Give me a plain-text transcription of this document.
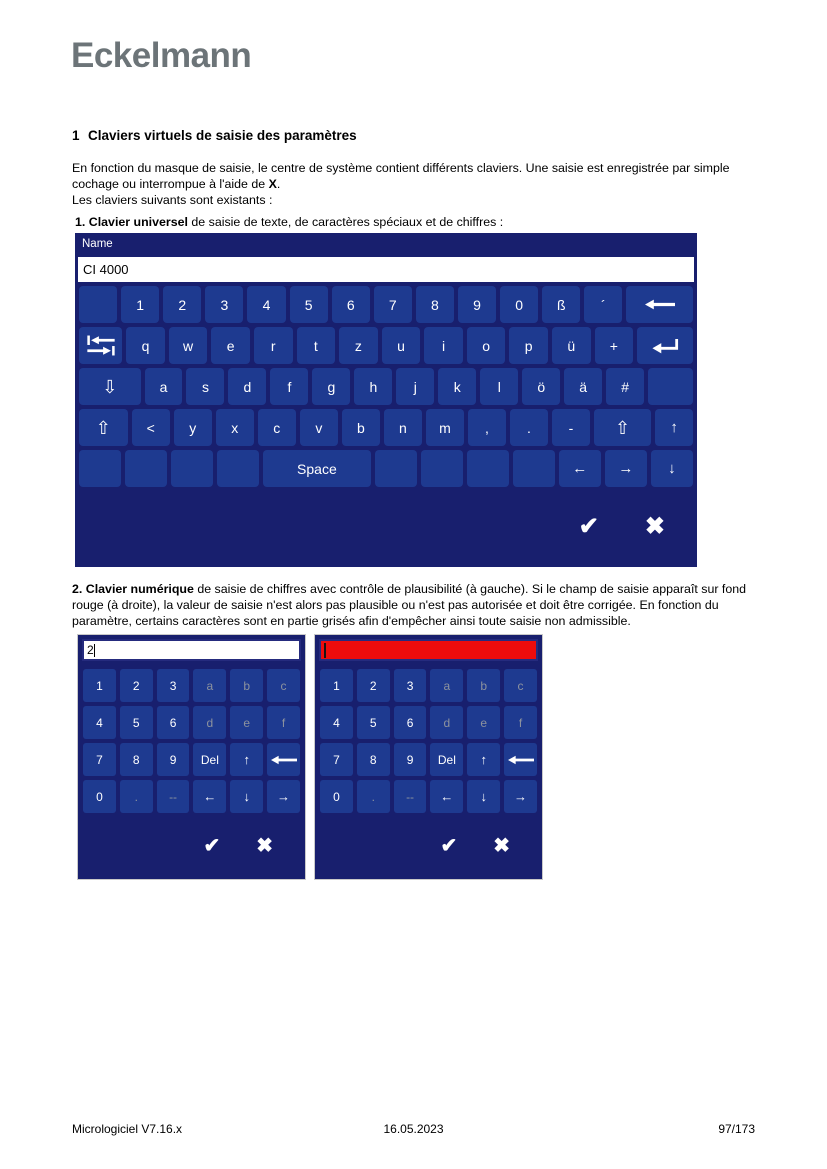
Eckelmann
1 Claviers virtuels de saisie des paramètres
En fonction du masque de saisie, le centre de système contient différents claviers. Une saisie est enregistrée par simple cochage ou interrompue à l'aide de X.
Les claviers suivants sont existants :
1. Clavier universel de saisie de texte, de caractères spéciaux et de chiffres :
Name
CI 4000
1	2	3	4	5	6	7	8	9	0	ß	´
q	w	e	r	t	z	u	i	o	p	ü	+
⇩	a	s	d	f	g	h	j	k	l	ö	ä	#
⇧	<	y	x	c	v	b	n	m	,	.	-	⇧	↑
Space	←	→	↓
✔ ✖
2. Clavier numérique de saisie de chiffres avec contrôle de plausibilité (à gauche). Si le champ de saisie apparaît sur fond rouge (à droite), la valeur de saisie n'est alors pas plausible ou n'est pas autorisée et doit être corrigée. En fonction du paramètre, certains caractères sont en partie grisés afin d'empêcher ainsi toute saisie non admissible.
2
1	2	3	a	b	c
4	5	6	d	e	f
7	8	9	Del	↑
0	.	--	←	↓	→
✔ ✖
1	2	3	a	b	c
4	5	6	d	e	f
7	8	9	Del	↑
0	.	--	←	↓	→
✔ ✖
Micrologiciel V7.16.x	16.05.2023	97/173
